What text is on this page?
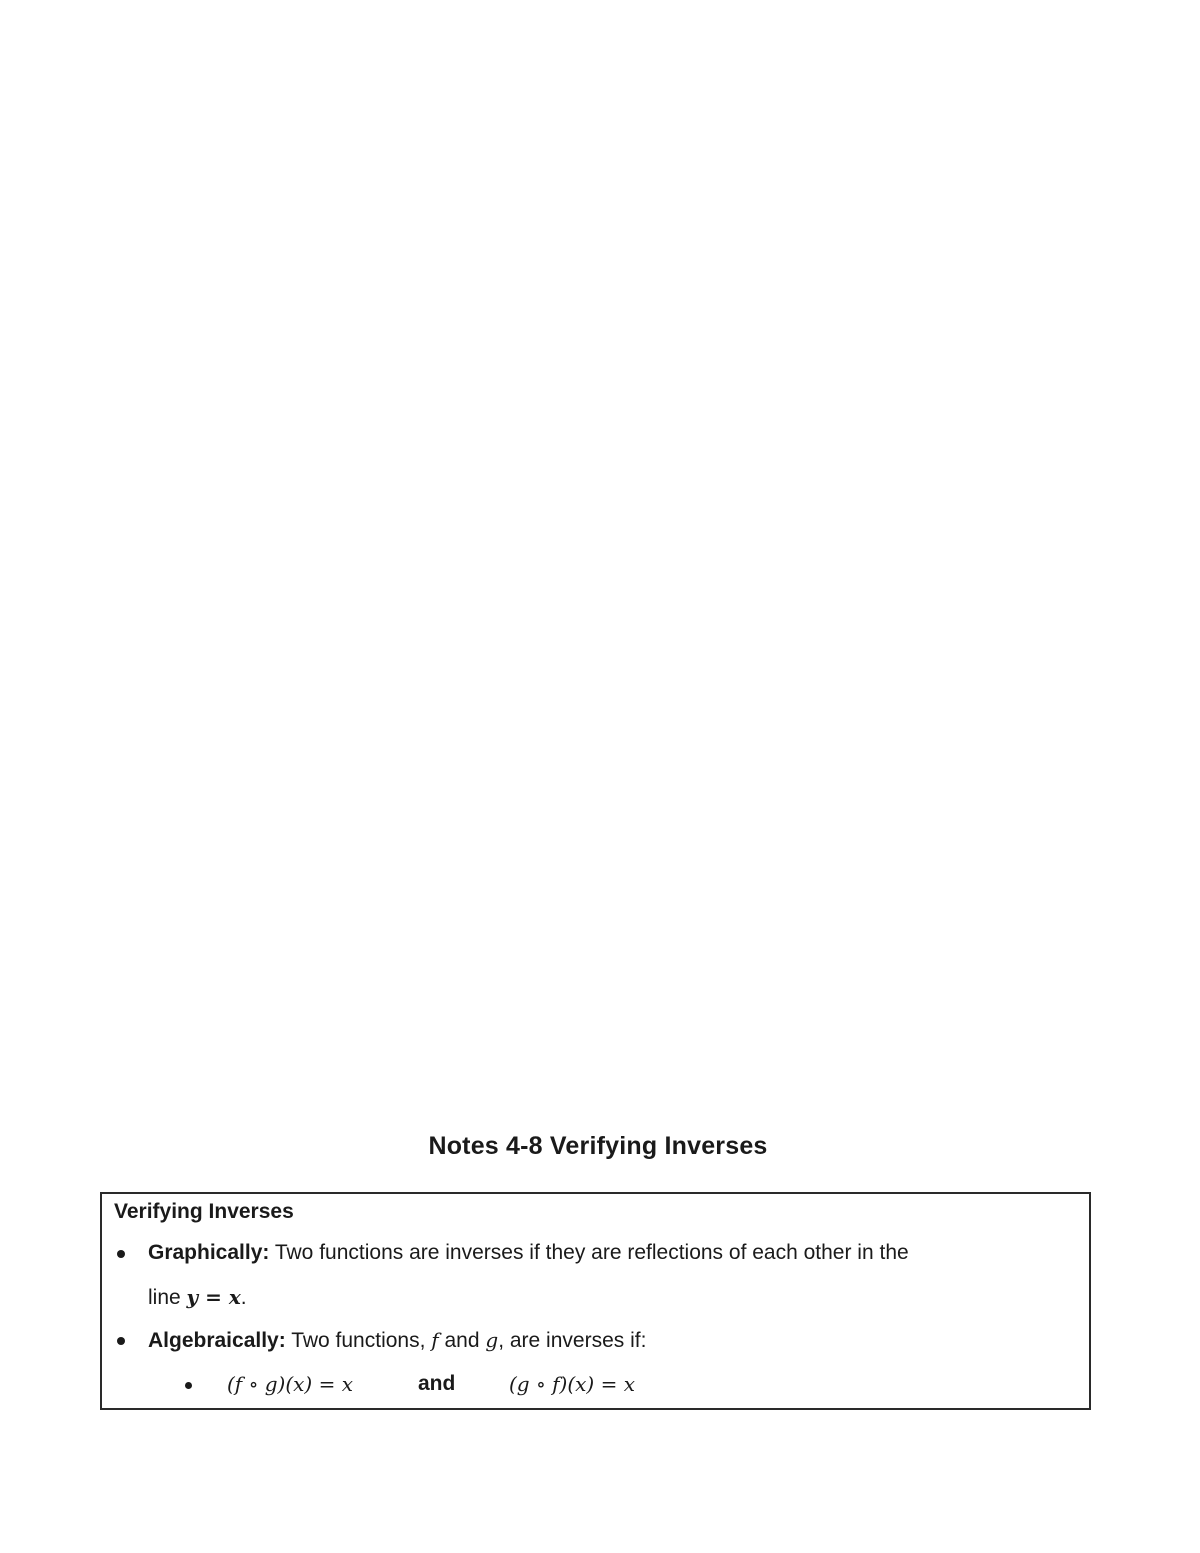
Notes 4-8 Verifying Inverses
Verifying Inverses
Graphically: Two functions are inverses if they are reflections of each other in the
line y = x.
Algebraically: Two functions, f and g, are inverses if:
(f ∘ g)(x) = x	and	(g ∘ f)(x) = x
